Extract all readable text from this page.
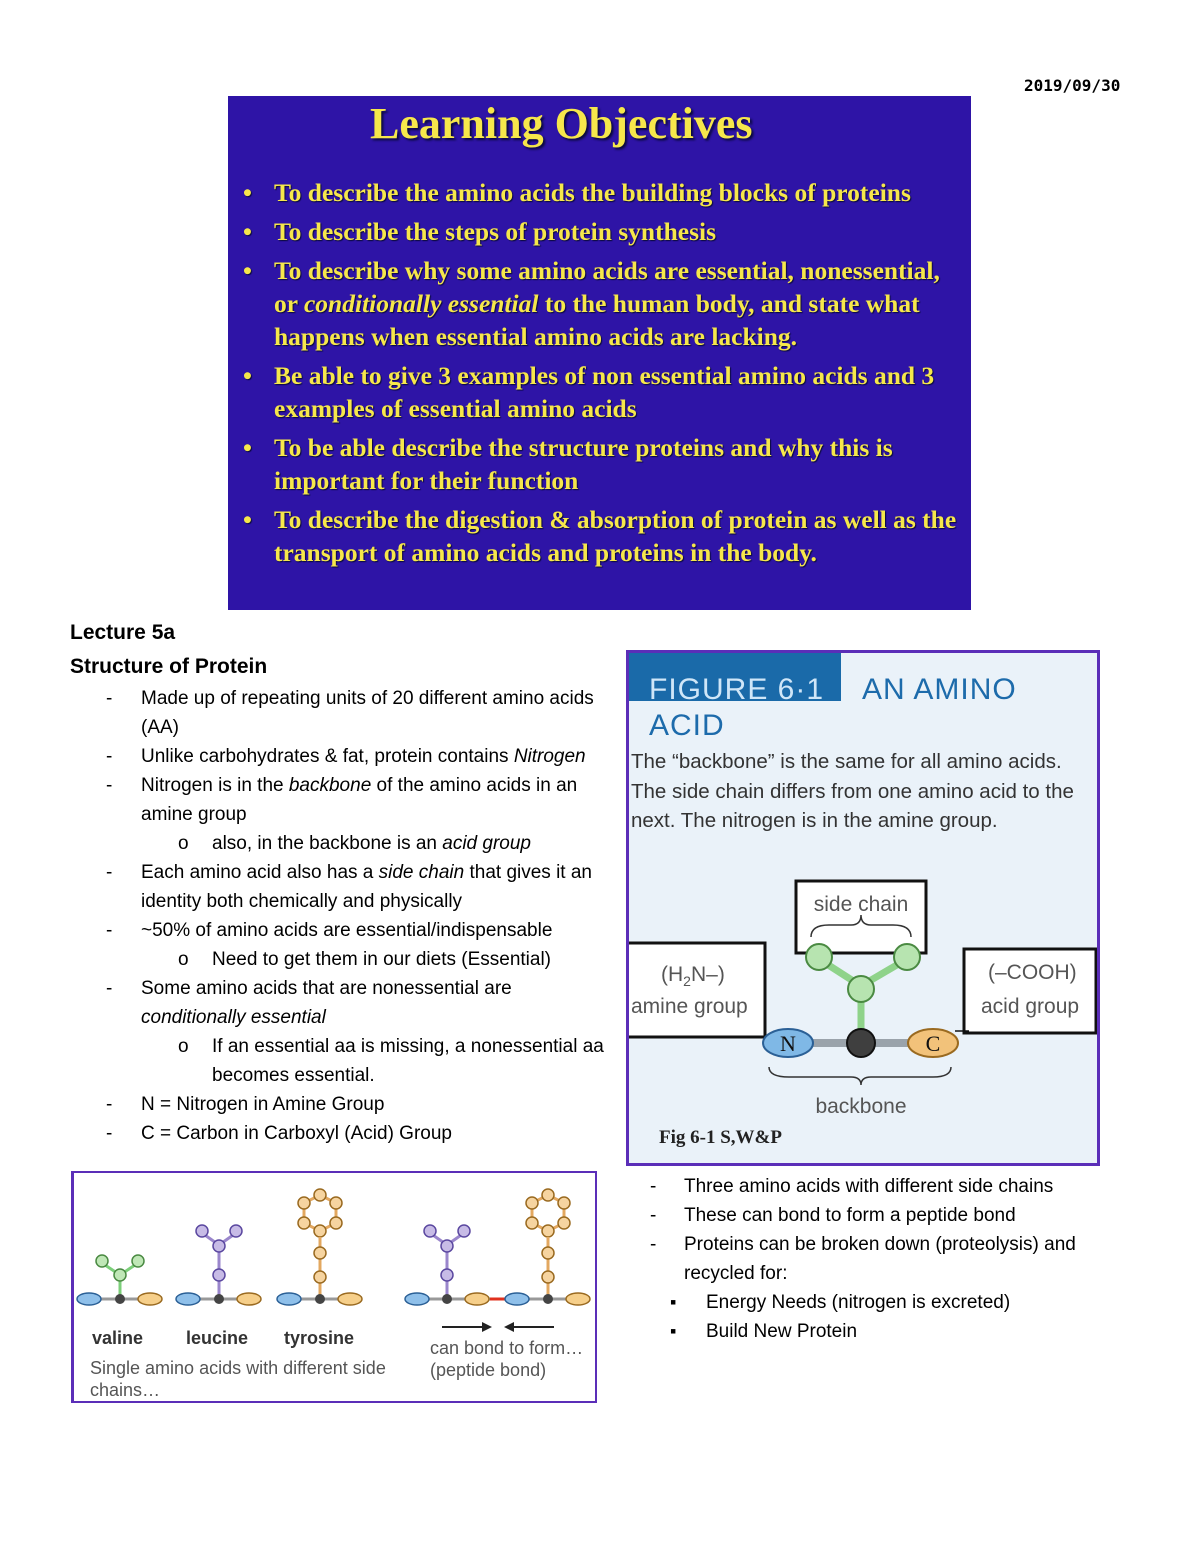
2019/09/30
Learning Objectives
• To describe the amino acids the building blocks of proteins
• To describe the steps of protein synthesis
• To describe why some amino acids are essential, nonessential, or conditionally essential to the human body, and state what happens when essential amino acids are lacking.
• Be able to give 3 examples of non essential amino acids and 3 examples of essential amino acids
• To be able describe the structure proteins and why this is important for their function
• To describe the digestion & absorption of protein as well as the transport of amino acids and proteins in the body.
Lecture 5a
Structure of Protein
- Made up of repeating units of 20 different amino acids (AA)
- Unlike carbohydrates & fat, protein contains Nitrogen
- Nitrogen is in the backbone of the amino acids in an amine group
o also, in the backbone is an acid group
- Each amino acid also has a side chain that gives it an identity both chemically and physically
- ~50% of amino acids are essential/indispensable
o Need to get them in our diets (Essential)
- Some amino acids that are nonessential are conditionally essential
o If an essential aa is missing, a nonessential aa becomes essential.
- N = Nitrogen in Amine Group
- C = Carbon in Carboxyl (Acid) Group
FIGURE 6·1 AN AMINO
ACID
The “backbone” is the same for all amino acids. The side chain differs from one amino acid to the next. The nitrogen is in the amine group.
side chain
$(H_2N-)$
amine group
(–COOH)
acid group
N	C
backbone
Fig 6-1 S,W&P
valine leucine tyrosine
Single amino acids with different side chains…
can bond to form…
(peptide bond)
- Three amino acids with different side chains
- These can bond to form a peptide bond
- Proteins can be broken down (proteolysis) and recycled for:
▪ Energy Needs (nitrogen is excreted)
▪ Build New Protein
